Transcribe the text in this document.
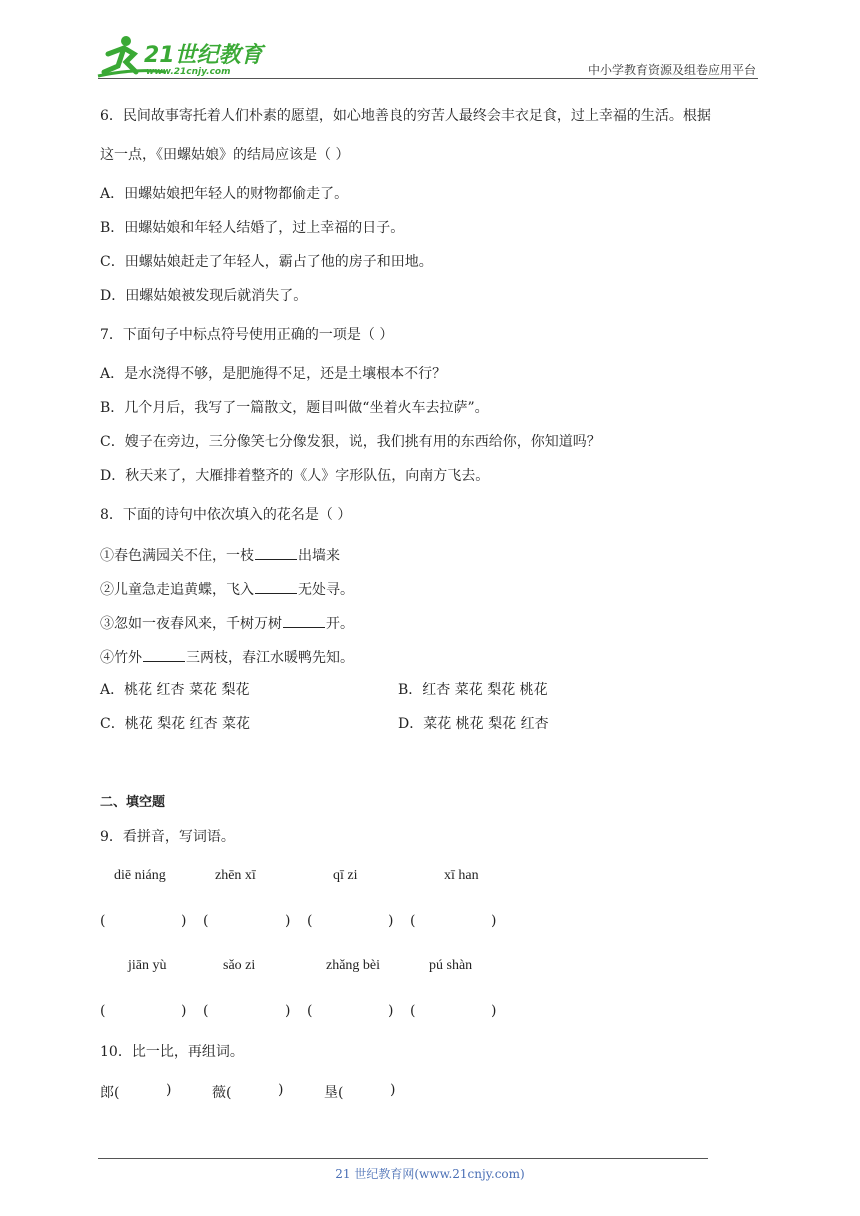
21世纪教育
www.21cnjy.com	中小学教育资源及组卷应用平台
6．民间故事寄托着人们朴素的愿望，如心地善良的穷苦人最终会丰衣足食，过上幸福的生活。根据
这一点，《田螺姑娘》的结局应该是（ ）
A．田螺姑娘把年轻人的财物都偷走了。
B．田螺姑娘和年轻人结婚了，过上幸福的日子。
C．田螺姑娘赶走了年轻人，霸占了他的房子和田地。
D．田螺姑娘被发现后就消失了。
7．下面句子中标点符号使用正确的一项是（ ）
A．是水浇得不够，是肥施得不足，还是土壤根本不行？
B．几个月后，我写了一篇散文，题目叫做“坐着火车去拉萨”。
C．嫂子在旁边，三分像笑七分像发狠，说，我们挑有用的东西给你，你知道吗？
D．秋天来了，大雁排着整齐的《人》字形队伍，向南方飞去。
8．下面的诗句中依次填入的花名是（ ）
①春色满园关不住，一枝	出墙来
②儿童急走追黄蝶，飞入	无处寻。
③忽如一夜春风来，千树万树	开。
④竹外	三两枝，春江水暖鸭先知。
A．桃花 红杏 菜花 梨花	B．红杏 菜花 梨花 桃花
C．桃花 梨花 红杏 菜花	D．菜花 桃花 梨花 红杏
二、填空题
9．看拼音，写词语。
diē niáng	zhēn xī	qī zi	xī han
(	) (	) (	) (	)
jiān yù	sǎo zi	zhǎng bèi	pú shàn
(	) (	) (	) (	)
10．比一比，再组词。
郎(	)	薇(	)	垦(	)
21 世纪教育网(www.21cnjy.com)
